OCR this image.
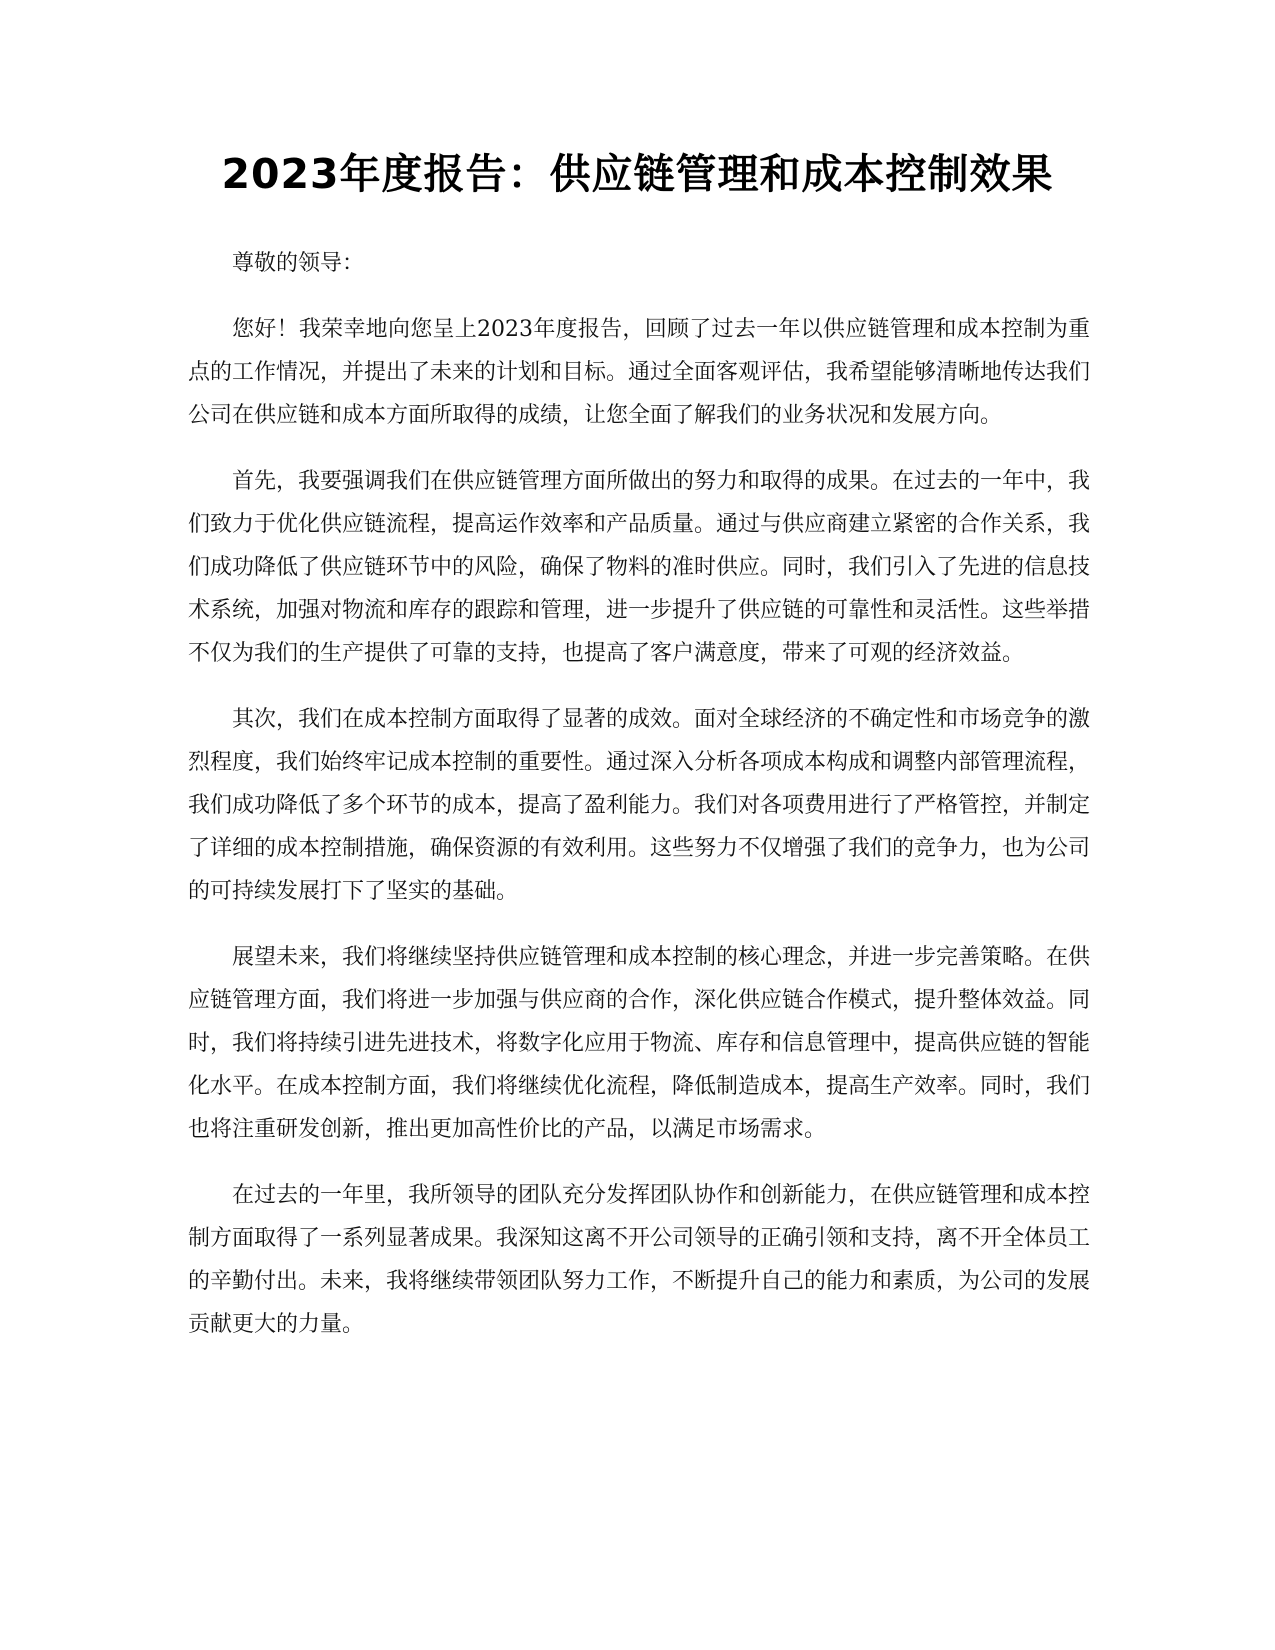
2023年度报告：供应链管理和成本控制效果

尊敬的领导：

您好！我荣幸地向您呈上2023年度报告，回顾了过去一年以供应链管理和成本控制为重点的工作情况，并提出了未来的计划和目标。通过全面客观评估，我希望能够清晰地传达我们公司在供应链和成本方面所取得的成绩，让您全面了解我们的业务状况和发展方向。

首先，我要强调我们在供应链管理方面所做出的努力和取得的成果。在过去的一年中，我们致力于优化供应链流程，提高运作效率和产品质量。通过与供应商建立紧密的合作关系，我们成功降低了供应链环节中的风险，确保了物料的准时供应。同时，我们引入了先进的信息技术系统，加强对物流和库存的跟踪和管理，进一步提升了供应链的可靠性和灵活性。这些举措不仅为我们的生产提供了可靠的支持，也提高了客户满意度，带来了可观的经济效益。

其次，我们在成本控制方面取得了显著的成效。面对全球经济的不确定性和市场竞争的激烈程度，我们始终牢记成本控制的重要性。通过深入分析各项成本构成和调整内部管理流程，我们成功降低了多个环节的成本，提高了盈利能力。我们对各项费用进行了严格管控，并制定了详细的成本控制措施，确保资源的有效利用。这些努力不仅增强了我们的竞争力，也为公司的可持续发展打下了坚实的基础。

展望未来，我们将继续坚持供应链管理和成本控制的核心理念，并进一步完善策略。在供应链管理方面，我们将进一步加强与供应商的合作，深化供应链合作模式，提升整体效益。同时，我们将持续引进先进技术，将数字化应用于物流、库存和信息管理中，提高供应链的智能化水平。在成本控制方面，我们将继续优化流程，降低制造成本，提高生产效率。同时，我们也将注重研发创新，推出更加高性价比的产品，以满足市场需求。

在过去的一年里，我所领导的团队充分发挥团队协作和创新能力，在供应链管理和成本控制方面取得了一系列显著成果。我深知这离不开公司领导的正确引领和支持，离不开全体员工的辛勤付出。未来，我将继续带领团队努力工作，不断提升自己的能力和素质，为公司的发展贡献更大的力量。
